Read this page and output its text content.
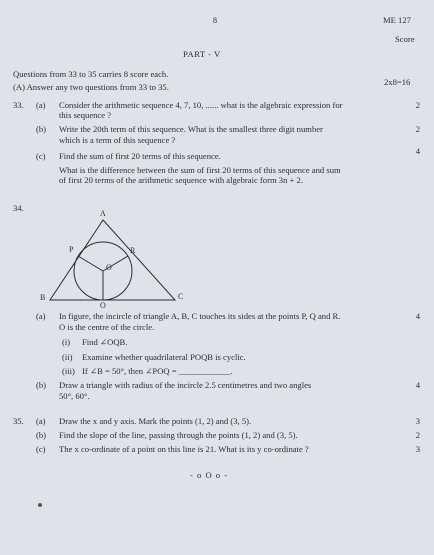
8	ME 127
Score
PART - V
Questions from 33 to 35 carries 8 score each.
(A) Answer any two questions from 33 to 35.	2x8=16
33. (a) Consider the arithmetic sequence 4, 7, 10, ...... what is the algebraic expression for
this sequence ?
2
(b) Write the 20th term of this sequence. What is the smallest three digit number
which is a term of this sequence ?
2
(c) Find the sum of first 20 terms of this sequence.	4
What is the difference between the sum of first 20 terms of this sequence and sum
of first 20 terms of the arithmetic sequence with algebraic form 3n + 2.
34.
A
P	R
O
B
Q
C
(a) In figure, the incircle of triangle A, B, C touches its sides at the points P, Q and R.
O is the centre of the circle.
4
(i) Find ∠OQB.
(ii) Examine whether quadrilateral POQB is cyclic.
(iii) If ∠B = 50°, then ∠POQ = ____________.
(b) Draw a triangle with radius of the incircle 2.5 centimetres and two angles
50°, 60°.
4
35. (a) Draw the x and y axis. Mark the points (1, 2) and (3, 5).	3
(b) Find the slope of the line, passing through the points (1, 2) and (3, 5).	2
(c) The x co-ordinate of a point on this line is 21. What is its y co-ordinate ?	3
- o O o -
